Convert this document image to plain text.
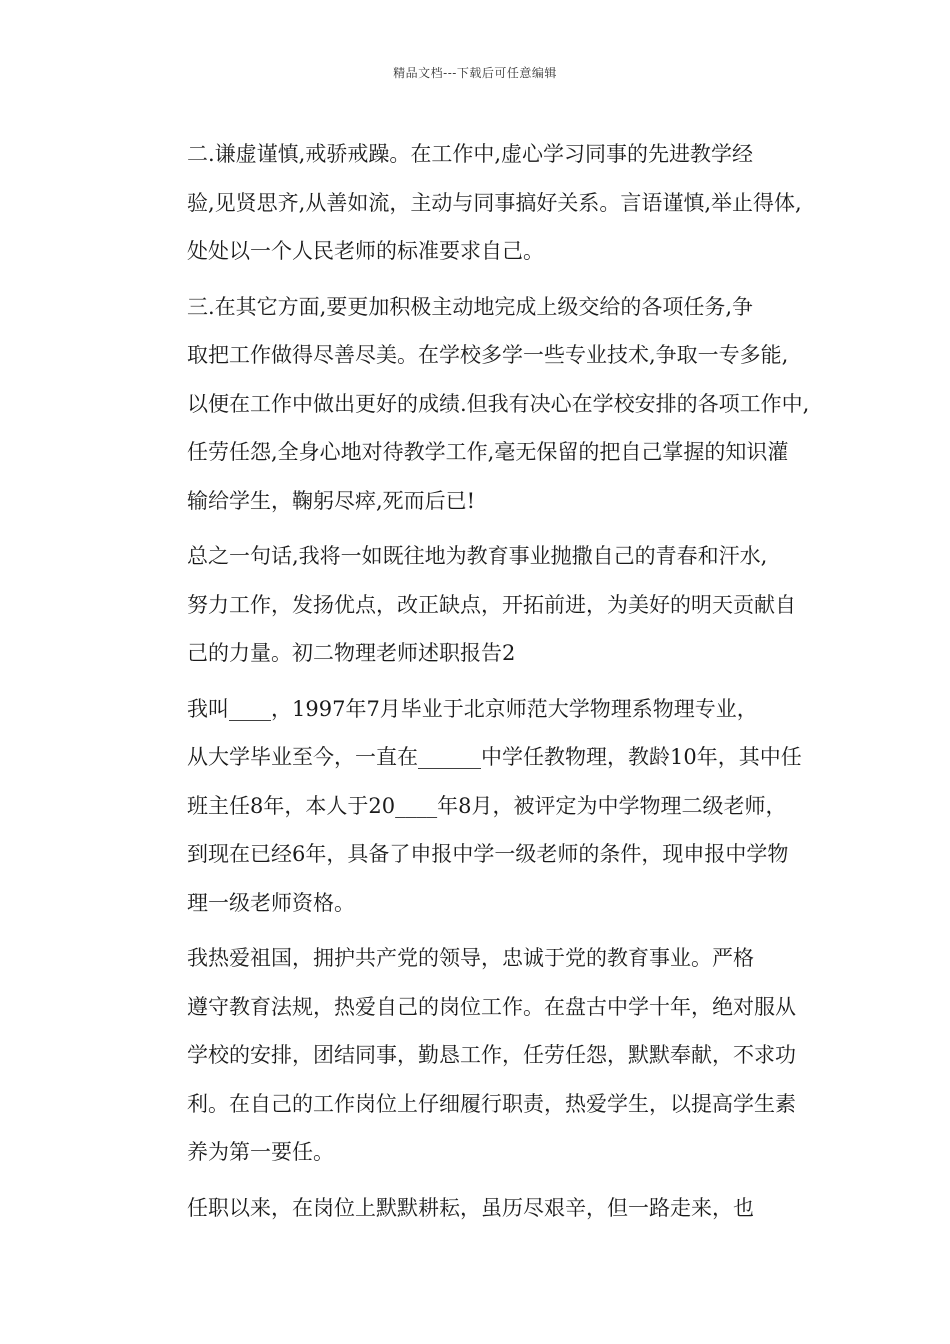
精品文档---下载后可任意编辑

二.谦虚谨慎,戒骄戒躁。在工作中,虚心学习同事的先进教学经
验,见贤思齐,从善如流，主动与同事搞好关系。言语谨慎,举止得体,
处处以一个人民老师的标准要求自己。

三.在其它方面,要更加积极主动地完成上级交给的各项任务,争
取把工作做得尽善尽美。在学校多学一些专业技术,争取一专多能,
以便在工作中做出更好的成绩.但我有决心在学校安排的各项工作中,
任劳任怨,全身心地对待教学工作,毫无保留的把自己掌握的知识灌
输给学生，鞠躬尽瘁,死而后已!

总之一句话,我将一如既往地为教育事业抛撒自己的青春和汗水,
努力工作，发扬优点，改正缺点，开拓前进，为美好的明天贡献自
己的力量。初二物理老师述职报告2

我叫____，1997年7月毕业于北京师范大学物理系物理专业，
从大学毕业至今，一直在______中学任教物理，教龄10年，其中任
班主任8年，本人于20____年8月，被评定为中学物理二级老师，
到现在已经6年，具备了申报中学一级老师的条件，现申报中学物
理一级老师资格。

我热爱祖国，拥护共产党的领导，忠诚于党的教育事业。严格
遵守教育法规，热爱自己的岗位工作。在盘古中学十年，绝对服从
学校的安排，团结同事，勤恳工作，任劳任怨，默默奉献，不求功
利。在自己的工作岗位上仔细履行职责，热爱学生，以提高学生素
养为第一要任。

任职以来，在岗位上默默耕耘，虽历尽艰辛，但一路走来，也
